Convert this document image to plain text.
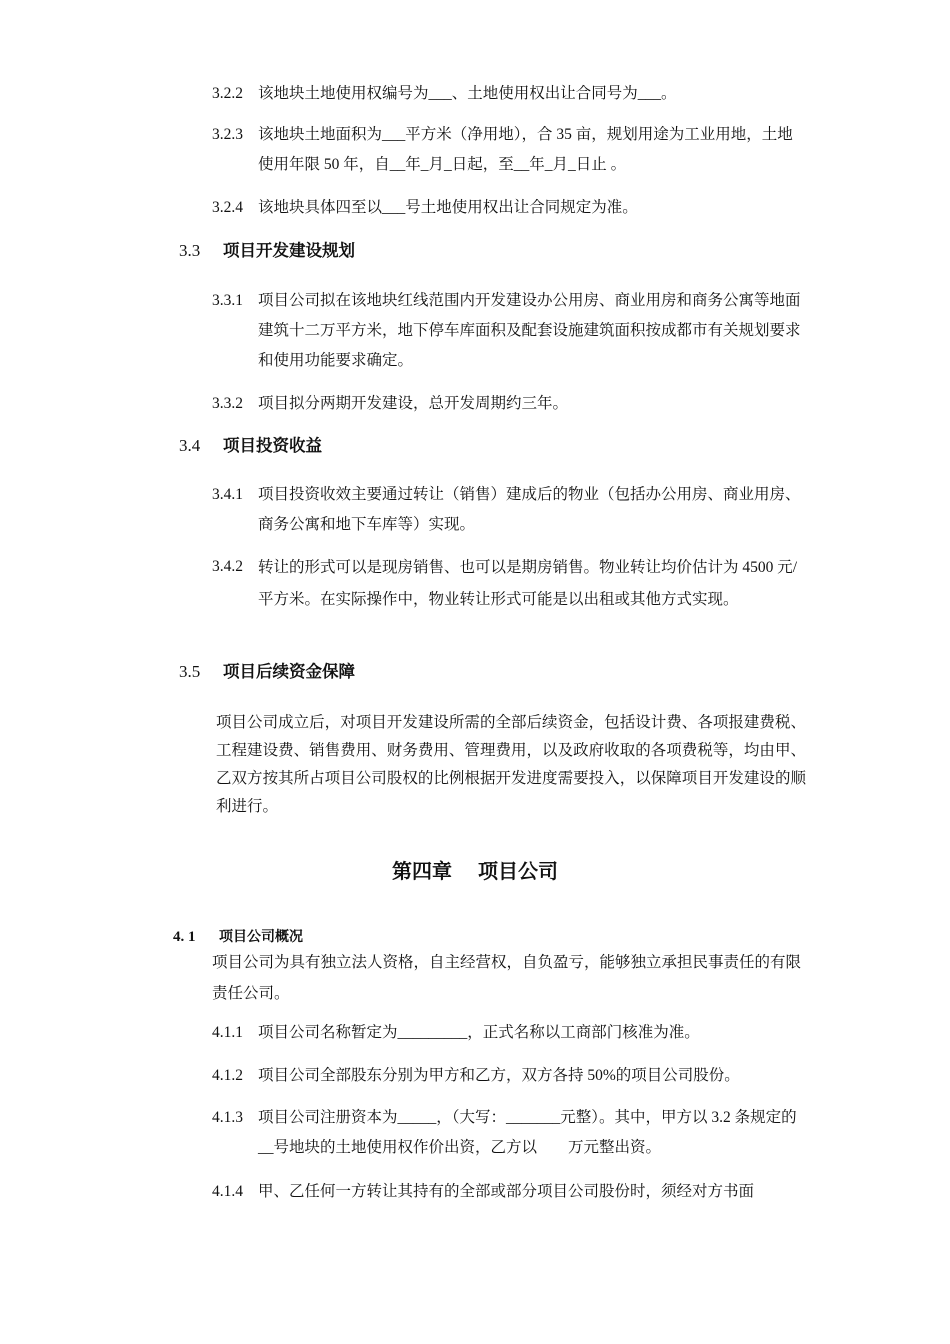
3.2.2 该地块土地使用权编号为___、土地使用权出让合同号为___。
3.2.3 该地块土地面积为___平方米（净用地），合 35 亩，规划用途为工业用地，土地使用年限 50 年，自__年_月_日起，至__年_月_日止 。
3.2.4 该地块具体四至以___号土地使用权出让合同规定为准。
3.3 项目开发建设规划
3.3.1 项目公司拟在该地块红线范围内开发建设办公用房、商业用房和商务公寓等地面建筑十二万平方米，地下停车库面积及配套设施建筑面积按成都市有关规划要求和使用功能要求确定。
3.3.2 项目拟分两期开发建设，总开发周期约三年。
3.4 项目投资收益
3.4.1 项目投资收效主要通过转让（销售）建成后的物业（包括办公用房、商业用房、商务公寓和地下车库等）实现。
3.4.2 转让的形式可以是现房销售、也可以是期房销售。物业转让均价估计为 4500 元/平方米。在实际操作中，物业转让形式可能是以出租或其他方式实现。
3.5 项目后续资金保障
项目公司成立后，对项目开发建设所需的全部后续资金，包括设计费、各项报建费税、工程建设费、销售费用、财务费用、管理费用，以及政府收取的各项费税等，均由甲、乙双方按其所占项目公司股权的比例根据开发进度需要投入，以保障项目开发建设的顺利进行。
第四章 项目公司
4. 1 项目公司概况
项目公司为具有独立法人资格，自主经营权，自负盈亏，能够独立承担民事责任的有限责任公司。
4.1.1 项目公司名称暂定为_________，正式名称以工商部门核准为准。
4.1.2 项目公司全部股东分别为甲方和乙方，双方各持 50%的项目公司股份。
4.1.3 项目公司注册资本为_____，（大写：_______元整）。其中，甲方以 3.2 条规定的__号地块的土地使用权作价出资，乙方以　　万元整出资。
4.1.4 甲、乙任何一方转让其持有的全部或部分项目公司股份时，须经对方书面
